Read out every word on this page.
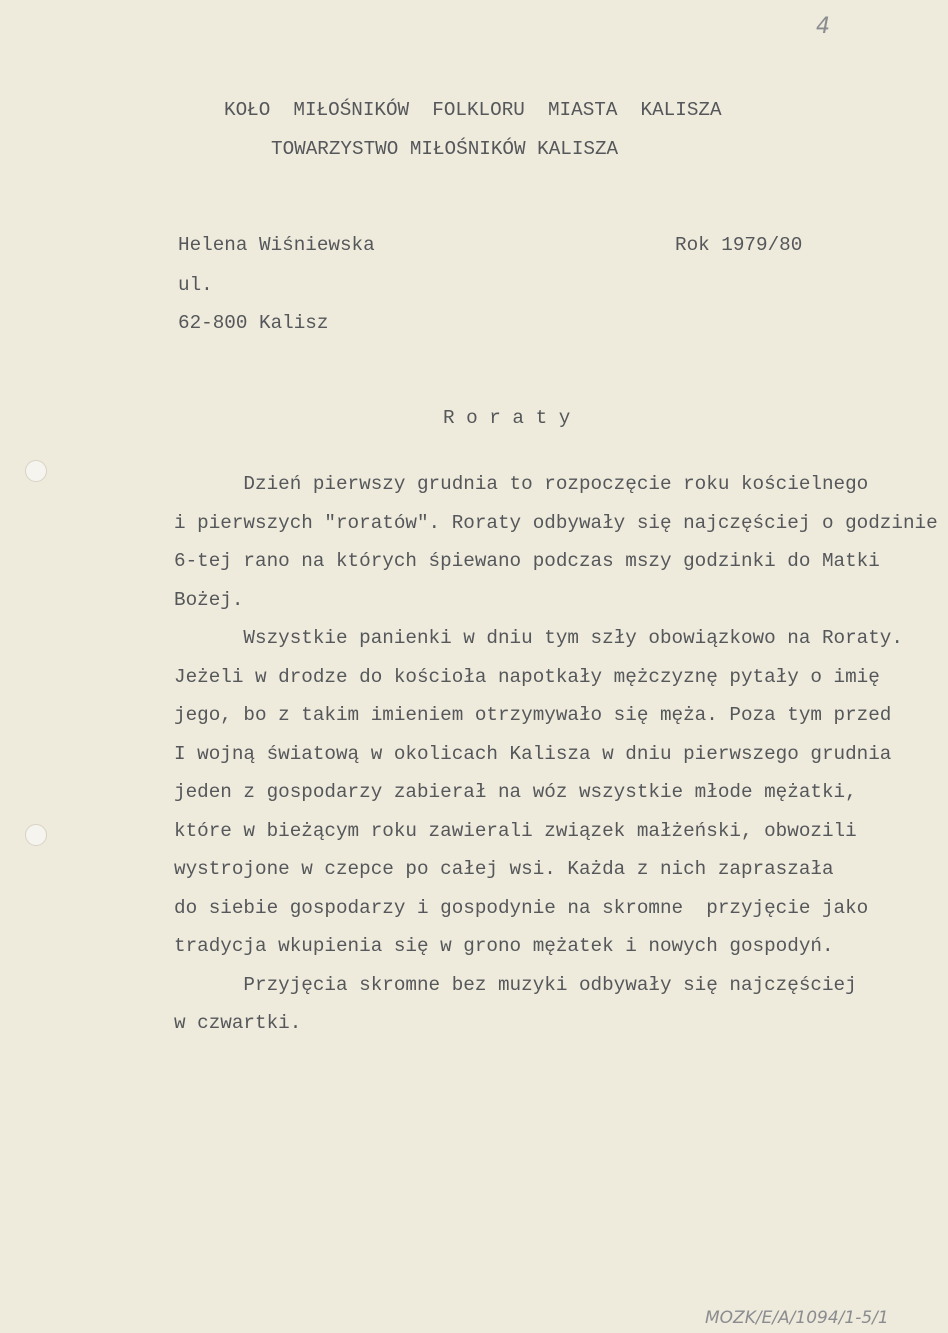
4
KOŁO  MIŁOŚNIKÓW  FOLKLORU  MIASTA  KALISZA
TOWARZYSTWO MIŁOŚNIKÓW KALISZA
Helena Wiśniewska	Rok 1979/80
ul.
62-800 Kalisz
R o r a t y
Dzień pierwszy grudnia to rozpoczęcie roku kościelnego
i pierwszych "roratów". Roraty odbywały się najczęściej o godzinie
6-tej rano na których śpiewano podczas mszy godzinki do Matki
Bożej.
Wszystkie panienki w dniu tym szły obowiązkowo na Roraty.
Jeżeli w drodze do kościoła napotkały mężczyznę pytały o imię
jego, bo z takim imieniem otrzymywało się męża. Poza tym przed
I wojną światową w okolicach Kalisza w dniu pierwszego grudnia
jeden z gospodarzy zabierał na wóz wszystkie młode mężatki,
które w bieżącym roku zawierali związek małżeński, obwozili
wystrojone w czepce po całej wsi. Każda z nich zapraszała
do siebie gospodarzy i gospodynie na skromne  przyjęcie jako
tradycja wkupienia się w grono mężatek i nowych gospodyń.
Przyjęcia skromne bez muzyki odbywały się najczęściej
w czwartki.
MOZK/E/A/1094/1-5/1
